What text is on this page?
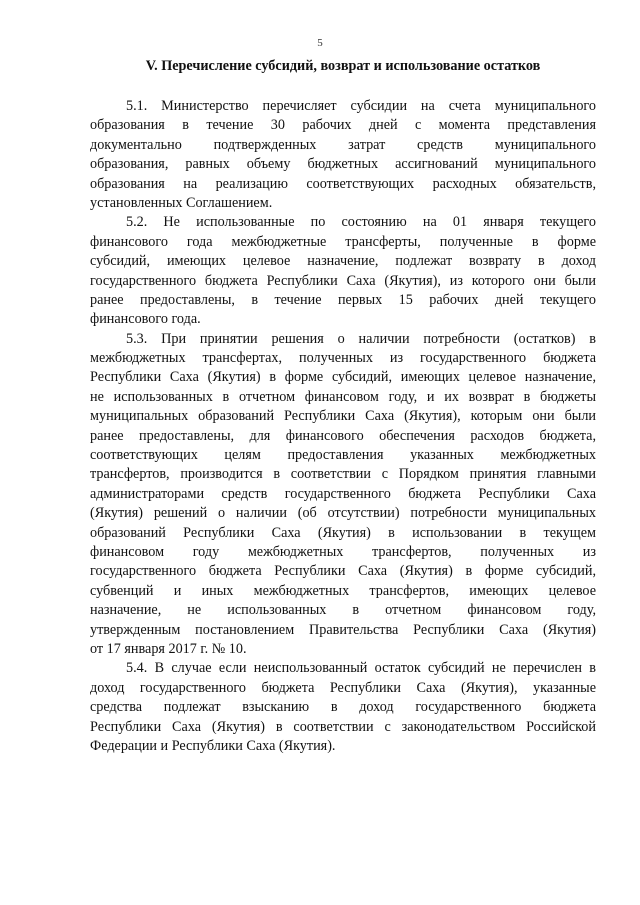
5
V. Перечисление субсидий, возврат и использование остатков
5.1. Министерство перечисляет субсидии на счета муниципального
образования в течение 30 рабочих дней с момента представления
документально подтвержденных затрат средств муниципального
образования, равных объему бюджетных ассигнований муниципального
образования на реализацию соответствующих расходных обязательств,
установленных Соглашением.
5.2. Не использованные по состоянию на 01 января текущего
финансового года межбюджетные трансферты, полученные в форме
субсидий, имеющих целевое назначение, подлежат возврату в доход
государственного бюджета Республики Саха (Якутия), из которого они были
ранее предоставлены, в течение первых 15 рабочих дней текущего
финансового года.
5.3. При принятии решения о наличии потребности (остатков) в
межбюджетных трансфертах, полученных из государственного бюджета
Республики Саха (Якутия) в форме субсидий, имеющих целевое назначение,
не использованных в отчетном финансовом году, и их возврат в бюджеты
муниципальных образований Республики Саха (Якутия), которым они были
ранее предоставлены, для финансового обеспечения расходов бюджета,
соответствующих целям предоставления указанных межбюджетных
трансфертов, производится в соответствии с Порядком принятия главными
администраторами средств государственного бюджета Республики Саха
(Якутия) решений о наличии (об отсутствии) потребности муниципальных
образований Республики Саха (Якутия) в использовании в текущем
финансовом году межбюджетных трансфертов, полученных из
государственного бюджета Республики Саха (Якутия) в форме субсидий,
субвенций и иных межбюджетных трансфертов, имеющих целевое
назначение, не использованных в отчетном финансовом году,
утвержденным постановлением Правительства Республики Саха (Якутия)
от 17 января 2017 г. № 10.
5.4. В случае если неиспользованный остаток субсидий не перечислен в
доход государственного бюджета Республики Саха (Якутия), указанные
средства подлежат взысканию в доход государственного бюджета
Республики Саха (Якутия) в соответствии с законодательством Российской
Федерации и Республики Саха (Якутия).
